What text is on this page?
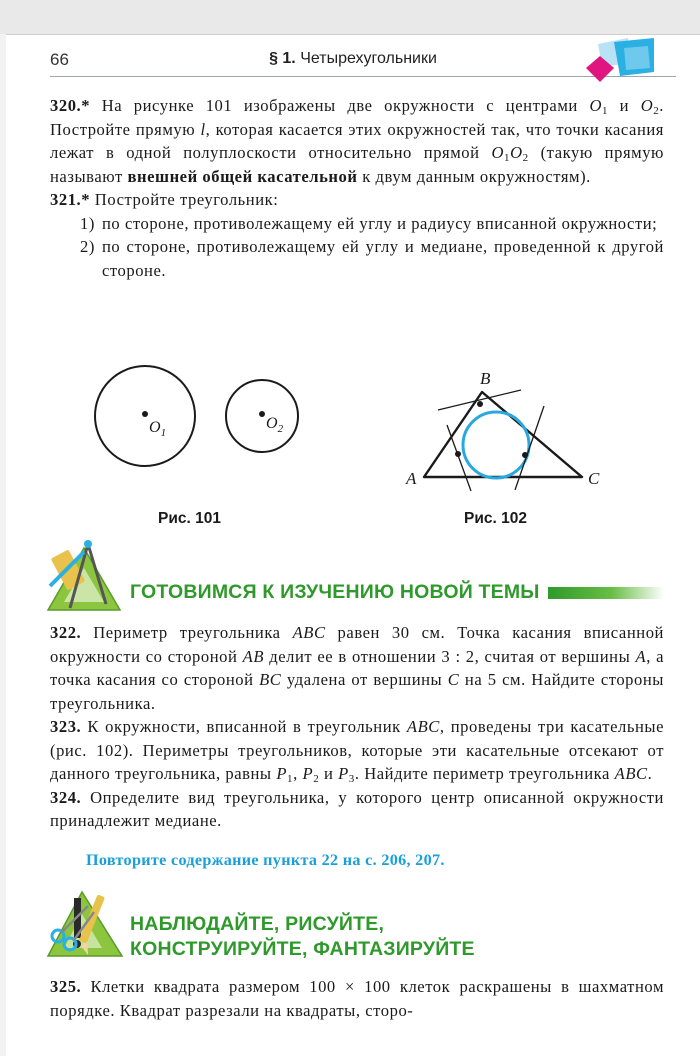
66	§ 1. Четырехугольники

320.* На рисунке 101 изображены две окружности с центрами $O_1$ и $O_2$. Постройте прямую l, которая касается этих окружностей так, что точки касания лежат в одной полуплоскости относительно прямой $O_1O_2$ (такую прямую называют внешней общей касательной к двум данным окружностям).

321.* Постройте треугольник:

1) по стороне, противолежащему ей углу и радиусу вписанной окружности;
2) по стороне, противолежащему ей углу и медиане, проведенной к другой стороне.
$O_1$
$O_2$
A
B
C
Рис. 101	Рис. 102
ГОТОВИМСЯ К ИЗУЧЕНИЮ НОВОЙ ТЕМЫ

322. Периметр треугольника ABC равен 30 см. Точка касания вписанной окружности со стороной AB делит ее в отношении 3 : 2, считая от вершины A, а точка касания со стороной BC удалена от вершины C на 5 см. Найдите стороны треугольника.

323. К окружности, вписанной в треугольник ABC, проведены три касательные (рис. 102). Периметры треугольников, которые эти касательные отсекают от данного треугольника, равны $P_1$, $P_2$ и $P_3$. Найдите периметр треугольника ABC.

324. Определите вид треугольника, у которого центр описанной окружности принадлежит медиане.

Повторите содержание пункта 22 на с. 206, 207.
НАБЛЮДАЙТЕ, РИСУЙТЕ,
КОНСТРУИРУЙТЕ, ФАНТАЗИРУЙТЕ

325. Клетки квадрата размером 100 × 100 клеток раскрашены в шахматном порядке. Квадрат разрезали на квадраты, сторо-
